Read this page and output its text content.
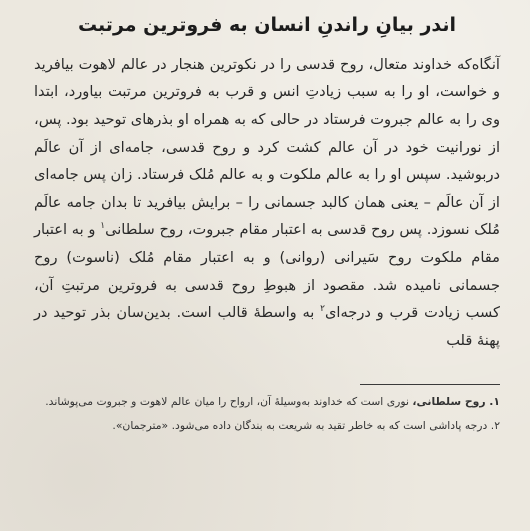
اندر بیانِ راندنِ انسان به فروترین مرتبت

آنگاه‌که خداوند متعال، روح قدسی را در نکوترین هنجار در عالم لاهوت بیافرید و خواست، او را به سبب زیادتِ انس و قرب به فروترین مرتبت بیاورد، ابتدا وی را به عالم جبروت فرستاد در حالی که به همراه او بذرهای توحید بود. پس، از نورانیت خود در آن عالم کشت کرد و روح قدسی، جامه‌ای از آن عالَم دربوشید. سپس او را به عالم ملکوت و به عالم مُلک فرستاد. زان پس جامه‌ای از آن عالَم – یعنی همان کالبد جسمانی را – برایش بیافرید تا بدان جامه عالَم مُلک نسوزد. پس روح قدسی به اعتبار مقام جبروت، روح سلطانی$^۱$ و به اعتبار مقام ملکوت روح سَیرانی (روانی) و به اعتبار مقام مُلک (ناسوت) روح جسمانی نامیده شد. مقصود از هبوطِ روح قدسی به فروترین مرتبتِ آن، کسب زیادت قرب و درجه‌ای$^۲$ به واسطهٔ قالب است. بدین‌سان بذر توحید در پهنهٔ قلب

۱. روح سلطانی، نوری است که خداوند به‌وسیلهٔ آن، ارواح را میان عالم لاهوت و جبروت می‌پوشاند.

۲. درجه پاداشی است که به خاطر تقید به شریعت به بندگان داده می‌شود. «مترجمان».
